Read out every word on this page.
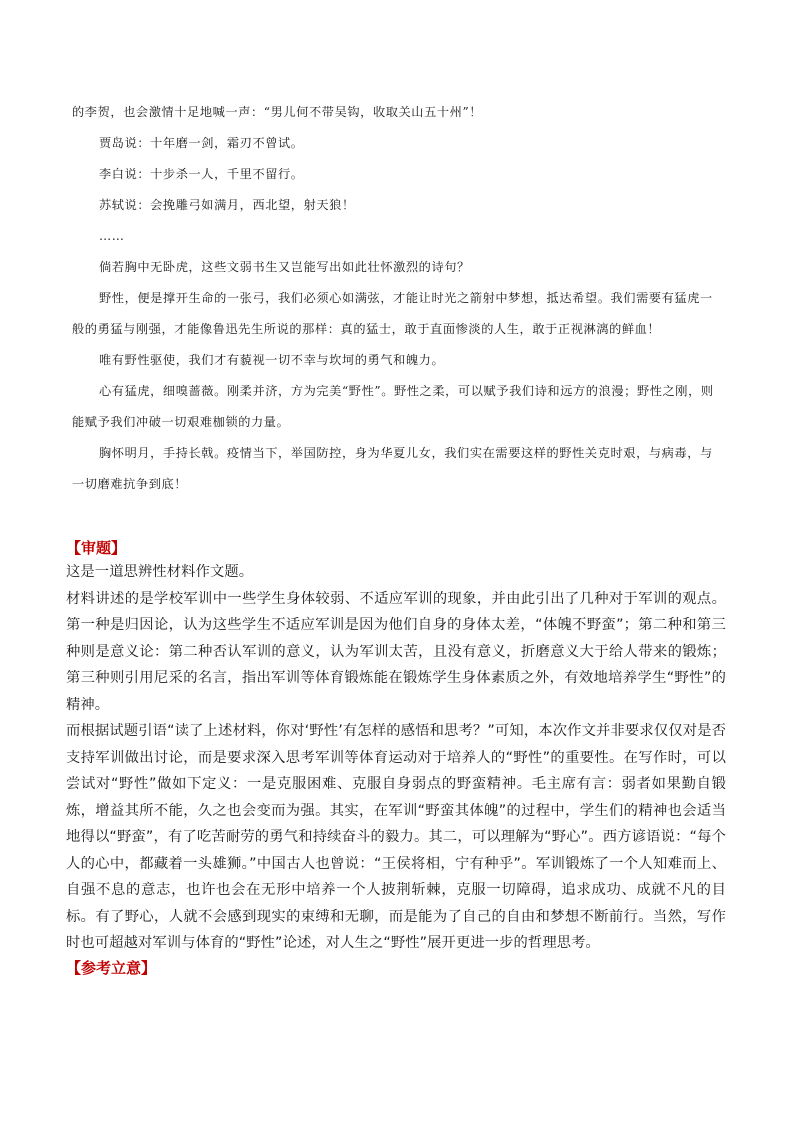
的李贺，也会激情十足地喊一声：“男儿何不带吴钩，收取关山五十州”！

贾岛说：十年磨一剑，霜刃不曾试。

李白说：十步杀一人，千里不留行。

苏轼说：会挽雕弓如满月，西北望，射天狼！

……

倘若胸中无卧虎，这些文弱书生又岂能写出如此壮怀激烈的诗句？

野性，便是撑开生命的一张弓，我们必须心如满弦，才能让时光之箭射中梦想，抵达希望。我们需要有猛虎一般的勇猛与刚强，才能像鲁迅先生所说的那样：真的猛士，敢于直面惨淡的人生，敢于正视淋漓的鲜血！

唯有野性驱使，我们才有藐视一切不幸与坎坷的勇气和魄力。

心有猛虎，细嗅蔷薇。刚柔并济，方为完美“野性”。野性之柔，可以赋予我们诗和远方的浪漫；野性之刚，则能赋予我们冲破一切艰难枷锁的力量。

胸怀明月，手持长戟。疫情当下，举国防控，身为华夏儿女，我们实在需要这样的野性关克时艰，与病毒，与一切磨难抗争到底！

【审题】

这是一道思辨性材料作文题。

材料讲述的是学校军训中一些学生身体较弱、不适应军训的现象，并由此引出了几种对于军训的观点。第一种是归因论，认为这些学生不适应军训是因为他们自身的身体太差，“体魄不野蛮”；第二种和第三种则是意义论：第二种否认军训的意义，认为军训太苦，且没有意义，折磨意义大于给人带来的锻炼；第三种则引用尼采的名言，指出军训等体育锻炼能在锻炼学生身体素质之外，有效地培养学生“野性”的精神。

而根据试题引语“读了上述材料，你对‘野性’有怎样的感悟和思考？”可知，本次作文并非要求仅仅对是否支持军训做出讨论，而是要求深入思考军训等体育运动对于培养人的“野性”的重要性。在写作时，可以尝试对“野性”做如下定义：一是克服困难、克服自身弱点的野蛮精神。毛主席有言：弱者如果勤自锻炼，增益其所不能，久之也会变而为强。其实，在军训“野蛮其体魄”的过程中，学生们的精神也会适当地得以“野蛮”，有了吃苦耐劳的勇气和持续奋斗的毅力。其二，可以理解为“野心”。西方谚语说：“每个人的心中，都藏着一头雄狮。”中国古人也曾说：“王侯将相，宁有种乎”。军训锻炼了一个人知难而上、自强不息的意志，也许也会在无形中培养一个人披荆斩棘，克服一切障碍，追求成功、成就不凡的目标。有了野心，人就不会感到现实的束缚和无聊，而是能为了自己的自由和梦想不断前行。当然，写作时也可超越对军训与体育的“野性”论述，对人生之“野性”展开更进一步的哲理思考。

【参考立意】
